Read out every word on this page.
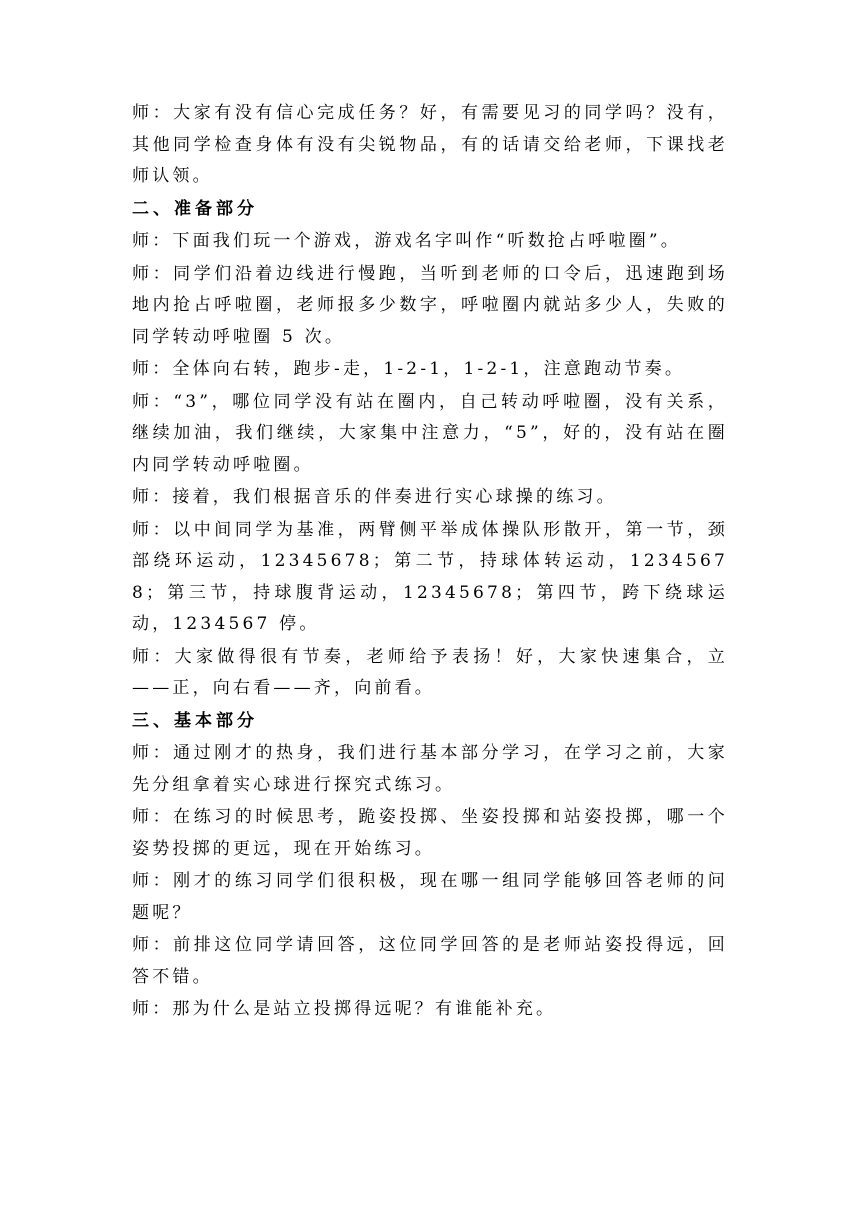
师：大家有没有信心完成任务？好，有需要见习的同学吗？没有，其他同学检查身体有没有尖锐物品，有的话请交给老师，下课找老师认领。

二、准备部分

师：下面我们玩一个游戏，游戏名字叫作“听数抢占呼啦圈”。

师：同学们沿着边线进行慢跑，当听到老师的口令后，迅速跑到场地内抢占呼啦圈，老师报多少数字，呼啦圈内就站多少人，失败的同学转动呼啦圈 5 次。

师：全体向右转，跑步-走，1-2-1，1-2-1，注意跑动节奏。

师：“3”，哪位同学没有站在圈内，自己转动呼啦圈，没有关系，继续加油，我们继续，大家集中注意力，“5”，好的，没有站在圈内同学转动呼啦圈。

师：接着，我们根据音乐的伴奏进行实心球操的练习。

师：以中间同学为基准，两臂侧平举成体操队形散开，第一节，颈部绕环运动，12345678；第二节，持球体转运动，12345678；第三节，持球腹背运动，12345678；第四节，跨下绕球运动，1234567 停。

师：大家做得很有节奏，老师给予表扬！好，大家快速集合，立——正，向右看——齐，向前看。

三、基本部分

师：通过刚才的热身，我们进行基本部分学习，在学习之前，大家先分组拿着实心球进行探究式练习。

师：在练习的时候思考，跪姿投掷、坐姿投掷和站姿投掷，哪一个姿势投掷的更远，现在开始练习。

师：刚才的练习同学们很积极，现在哪一组同学能够回答老师的问题呢？

师：前排这位同学请回答，这位同学回答的是老师站姿投得远，回答不错。

师：那为什么是站立投掷得远呢？有谁能补充。
